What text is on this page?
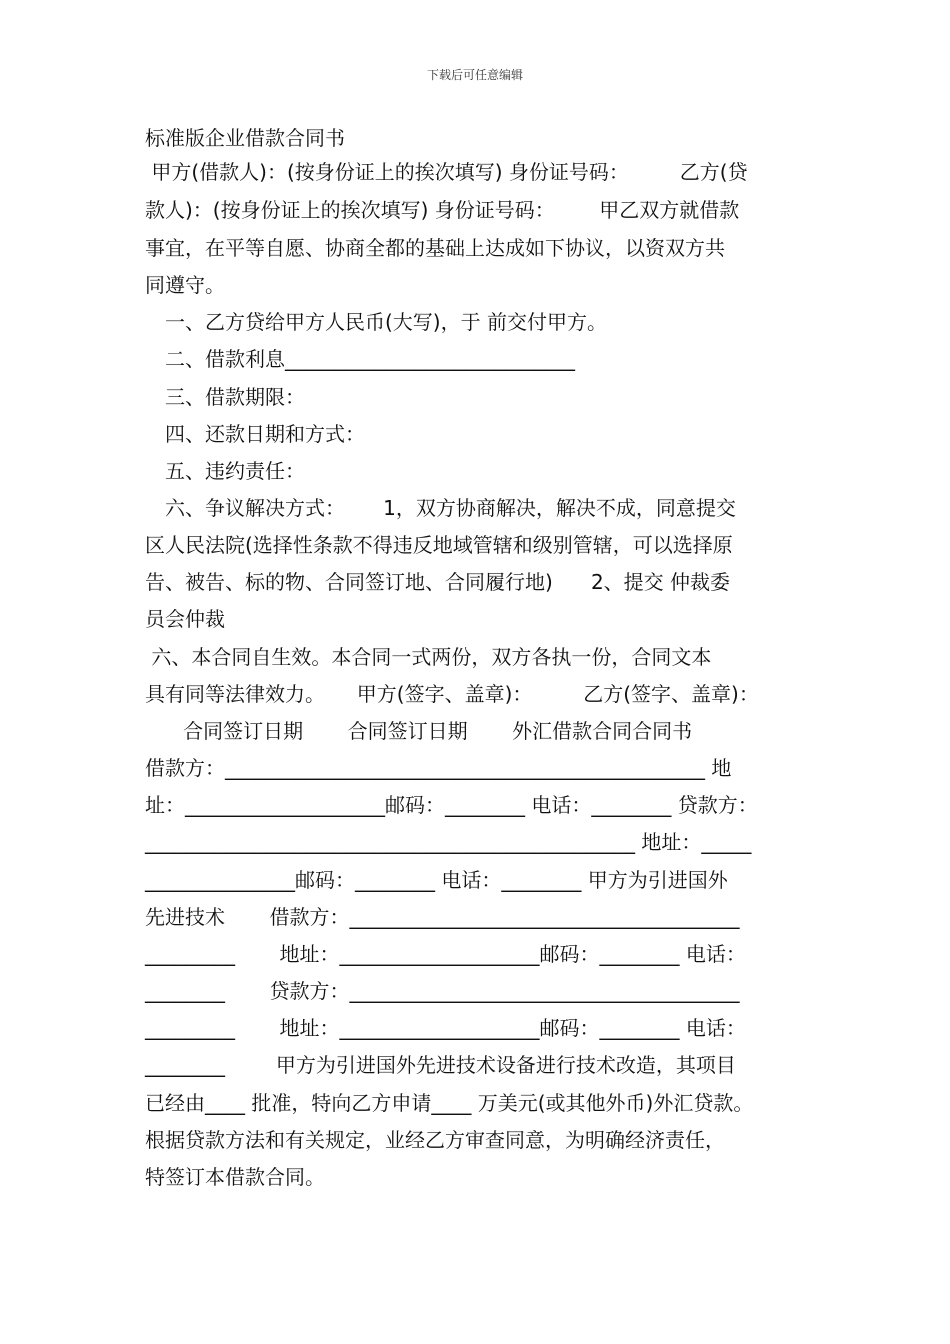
下载后可任意编辑

标准版企业借款合同书

甲方(借款人)：(按身份证上的挨次填写) 身份证号码：        乙方(贷

款人)：(按身份证上的挨次填写) 身份证号码：       甲乙双方就借款

事宜，在平等自愿、协商全都的基础上达成如下协议，以资双方共

同遵守。

一、乙方贷给甲方人民币(大写)，于 前交付甲方。

二、借款利息_____________________________

三、借款期限：

四、还款日期和方式：

五、违约责任：

六、争议解决方式：      1，双方协商解决，解决不成，同意提交

区人民法院(选择性条款不得违反地域管辖和级别管辖，可以选择原

告、被告、标的物、合同签订地、合同履行地)      2、提交 仲裁委

员会仲裁

六、本合同自生效。本合同一式两份，双方各执一份，合同文本

具有同等法律效力。     甲方(签字、盖章)：        乙方(签字、盖章)：

合同签订日期       合同签订日期       外汇借款合同合同书

借款方：________________________________________________ 地

址：____________________邮码：________ 电话：________ 贷款方：

_________________________________________________ 地址：_____

_______________邮码：________ 电话：________ 甲方为引进国外

先进技术       借款方：_______________________________________

_________       地址：____________________邮码：________ 电话：

________       贷款方：_______________________________________

_________       地址：____________________邮码：________ 电话：

________        甲方为引进国外先进技术设备进行技术改造，其项目

已经由____ 批准，特向乙方申请____ 万美元(或其他外币)外汇贷款。

根据贷款方法和有关规定，业经乙方审查同意，为明确经济责任，

特签订本借款合同。
